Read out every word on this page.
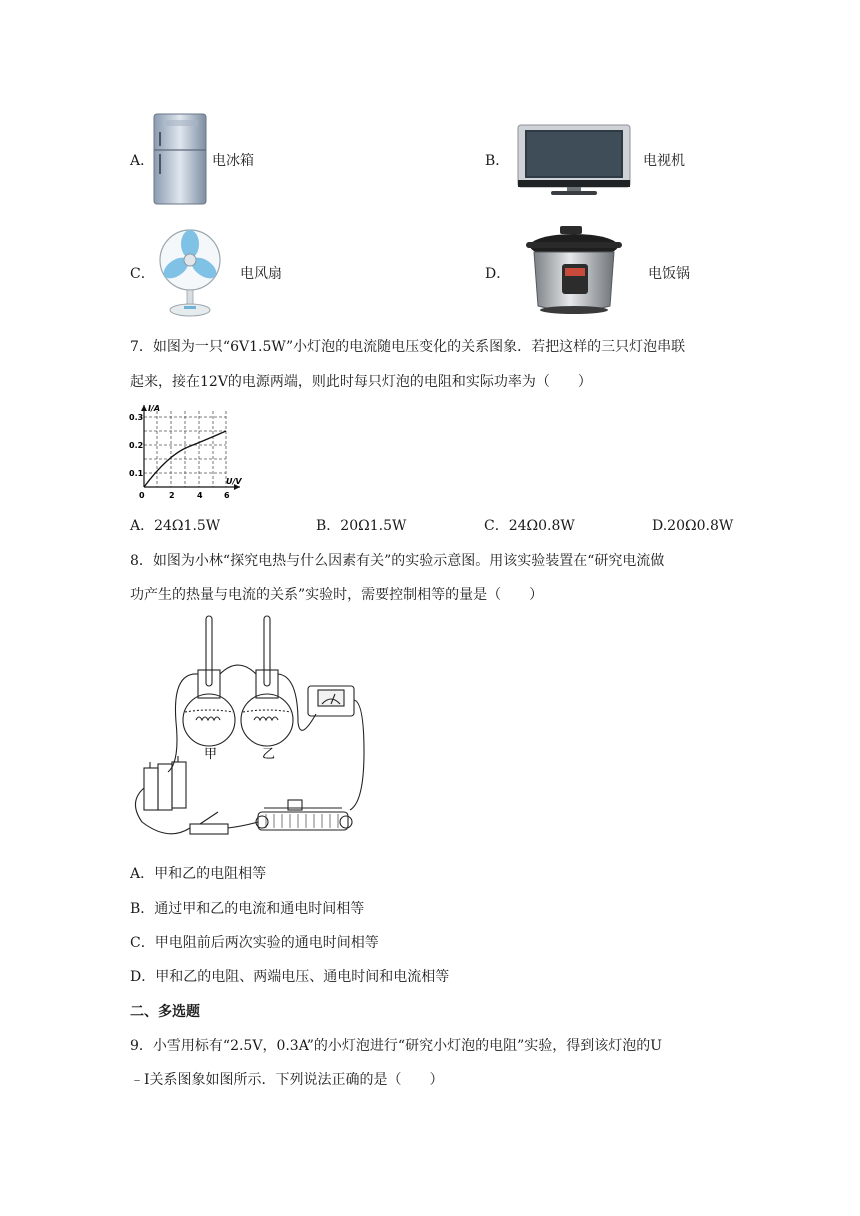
A．	电冰箱	B．	电视机
C．	电风扇	D．	电饭锅
7．如图为一只“6V1.5W”小灯泡的电流随电压变化的关系图象．若把这样的三只灯泡串联
起来，接在12V的电源两端，则此时每只灯泡的电阻和实际功率为（　　）
I/A
U/V
0.3
0.2
0.1
0	2	4	6
A．24Ω1.5W	B．20Ω1.5W	C．24Ω0.8W	D.20Ω0.8W
8．如图为小林“探究电热与什么因素有关”的实验示意图。用该实验装置在“研究电流做
功产生的热量与电流的关系”实验时，需要控制相等的量是（　　）
甲	乙
A．甲和乙的电阻相等
B．通过甲和乙的电流和通电时间相等
C．甲电阻前后两次实验的通电时间相等
D．甲和乙的电阻、两端电压、通电时间和电流相等
二、多选题
9．小雪用标有“2.5V，0.3A”的小灯泡进行“研究小灯泡的电阻”实验，得到该灯泡的U
﹣I关系图象如图所示．下列说法正确的是（　　）
